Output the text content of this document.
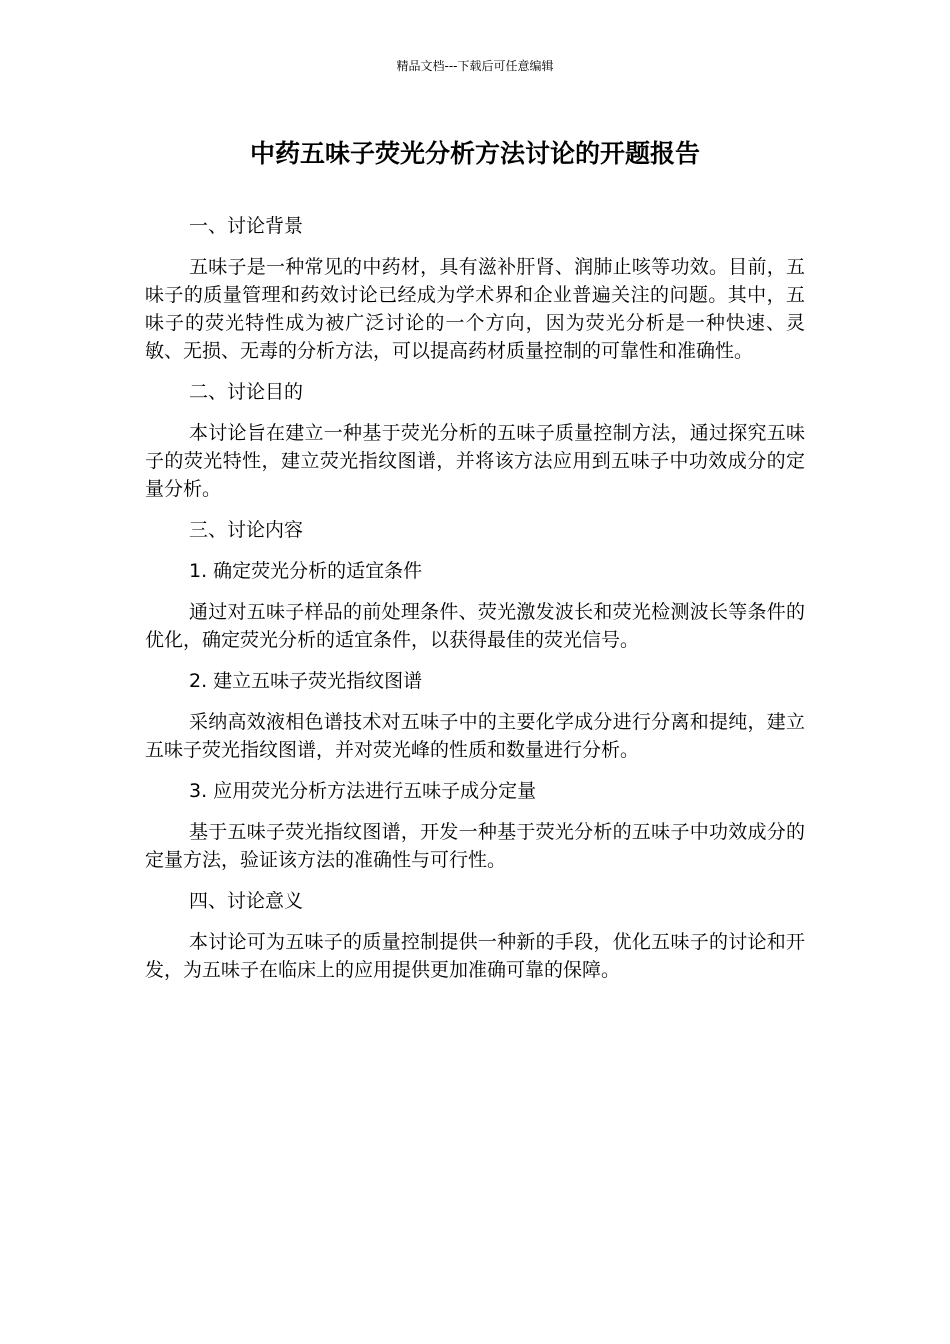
精品文档---下载后可任意编辑
中药五味子荧光分析方法讨论的开题报告

一、讨论背景

五味子是一种常见的中药材，具有滋补肝肾、润肺止咳等功效。目前，五味子的质量管理和药效讨论已经成为学术界和企业普遍关注的问题。其中，五味子的荧光特性成为被广泛讨论的一个方向，因为荧光分析是一种快速、灵敏、无损、无毒的分析方法，可以提高药材质量控制的可靠性和准确性。

二、讨论目的

本讨论旨在建立一种基于荧光分析的五味子质量控制方法，通过探究五味子的荧光特性，建立荧光指纹图谱，并将该方法应用到五味子中功效成分的定量分析。

三、讨论内容

1. 确定荧光分析的适宜条件

通过对五味子样品的前处理条件、荧光激发波长和荧光检测波长等条件的优化，确定荧光分析的适宜条件，以获得最佳的荧光信号。

2. 建立五味子荧光指纹图谱

采纳高效液相色谱技术对五味子中的主要化学成分进行分离和提纯，建立五味子荧光指纹图谱，并对荧光峰的性质和数量进行分析。

3. 应用荧光分析方法进行五味子成分定量

基于五味子荧光指纹图谱，开发一种基于荧光分析的五味子中功效成分的定量方法，验证该方法的准确性与可行性。

四、讨论意义

本讨论可为五味子的质量控制提供一种新的手段，优化五味子的讨论和开发，为五味子在临床上的应用提供更加准确可靠的保障。
